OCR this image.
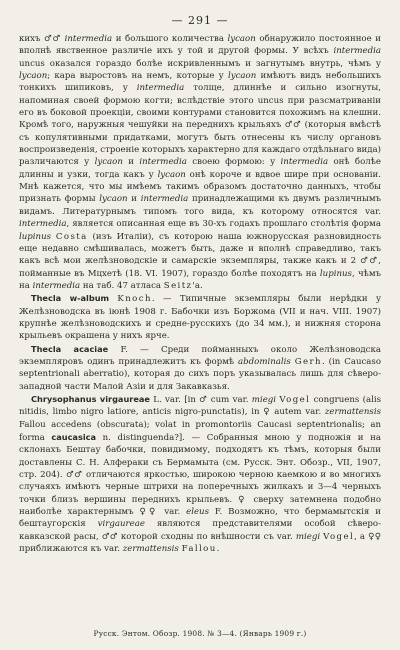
— 291 —

кихъ ♂♂ intermedia и большого количества lycaon обнаружило постоянное и вполнѣ явственное различіе ихъ у той и другой формы. У всѣхъ intermedia uncus оказался гораздо болѣе искривленнымъ и загнутымъ внутрь, чѣмъ у lycaon; кара выростовъ на немъ, которые у lycaon имѣютъ видъ небольшихъ тонкихъ шипиковъ, у intermedia толще, длиннѣе и сильно изогнуты, напоминая своей формою когти; вслѣдствіе этого uncus при разсматриваніи его въ боковой проекціи, своими контурами становится похожимъ на клешни. Кромѣ того, наружныя чешуйки на переднихъ крыльяхъ ♂♂ (которыя вмѣстѣ съ копулятивными придатками, могутъ быть отнесены къ числу органовъ воспроизведенія, строеніе которыхъ характерно для каждаго отдѣльнаго вида) различаются у lycaon и intermedia своею формою: у intermedia онѣ болѣе длинны и узки, тогда какъ у lycaon онѣ короче и вдвое шире при основаніи. Мнѣ кажется, что мы имѣемъ такимъ образомъ достаточно данныхъ, чтобы признать формы lycaon и intermedia принадлежащими къ двумъ различнымъ видамъ. Литературнымъ типомъ того вида, къ которому относятся var. intermedia, является описанная еще въ 30-хъ годахъ прошлаго столѣтія форма lupinus Costa (изъ Италіи), съ которою наша южнорусская разновидность еще недавно смѣшивалась, можетъ быть, даже и вполнѣ справедливо, такъ какъ всѣ мои желѣзноводскіе и самарскіе экземпляры, также какъ и 2 ♂♂, пойманные въ Мцхетѣ (18. VI. 1907), гораздо болѣе походятъ на lupinus, чѣмъ на intermedia на таб. 47 атласа Seitz'а.

Thecla w-album Knoch. — Типичные экземпляры были нерѣдки у Желѣзноводска въ іюнѣ 1908 г. Бабочки изъ Боржома (VII и нач. VIII. 1907) крупнѣе желѣзноводскихъ и средне-русскихъ (до 34 мм.), и нижняя сторона крыльевъ окрашена у нихъ ярче.

Thecla acaciae F. — Среди пойманныхъ около Желѣзноводска экземпляровъ одинъ принадлежитъ къ формѣ abdominalis Gerh. (in Caucaso septentrionali aberratio), которая до сихъ поръ указывалась лишь для сѣверо-западной части Малой Азіи и для Закавказья.

Chrysophanus virgaureae L. var. [in ♂ cum var. miegi Vogel congruens (alis nitidis, limbo nigro latiore, anticis nigro-punctatis), in ♀ autem var. zermattensis Fallou accedens (obscurata); volat in promontoriis Caucasi septentrionalis; an forma caucasica n. distinguenda?]. — Собранныя мною у подножія и на склонахъ Бештау бабочки, повидимому, подходятъ къ тѣмъ, которыя были доставлены С. Н. Алфераки съ Бермамыта (см. Русск. Энт. Обозр., VII, 1907, стр. 204). ♂♂ отличаются яркостью, широкою черною каемкою и во многихъ случаяхъ имѣютъ черные штрихи на поперечныхъ жилкахъ и 3—4 черныхъ точки близъ вершины переднихъ крыльевъ. ♀ сверху затемнена подобно наиболѣе характернымъ ♀♀ var. eleus F. Возможно, что бермамытскія и бештаугорскія virgaureae являются представителями особой сѣверо-кавказской расы, ♂♂ которой сходны по внѣшности съ var. miegi Vogel, а ♀♀ приближаются къ var. zermattensis Fallou.

Русск. Энтом. Обозр. 1908. № 3—4. (Январь 1909 г.)
